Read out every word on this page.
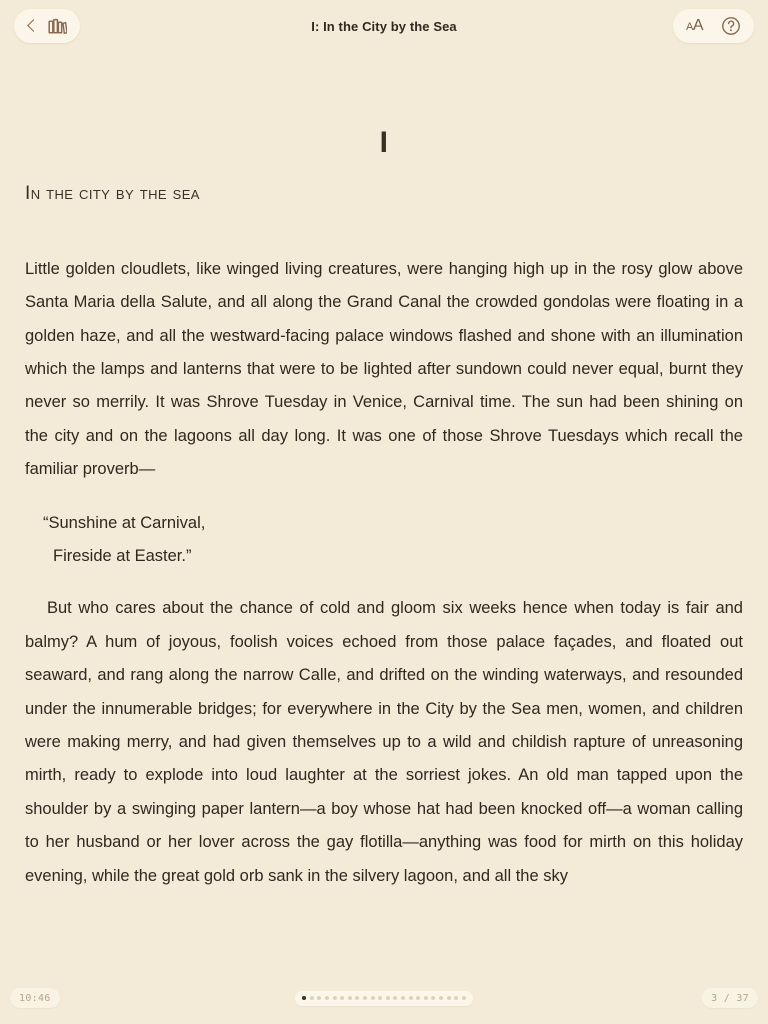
AA
I: In the City by the Sea
I
In the city by the sea

Little golden cloudlets, like winged living creatures, were hanging high up in the rosy glow above Santa Maria della Salute, and all along the Grand Canal the crowded gondolas were floating in a golden haze, and all the westward-facing palace windows flashed and shone with an illumination which the lamps and lanterns that were to be lighted after sundown could never equal, burnt they never so merrily. It was Shrove Tuesday in Venice, Carnival time. The sun had been shining on the city and on the lagoons all day long. It was one of those Shrove Tuesdays which recall the familiar proverb—

“Sunshine at Carnival,
Fireside at Easter.”

But who cares about the chance of cold and gloom six weeks hence when today is fair and balmy? A hum of joyous, foolish voices echoed from those palace façades, and floated out seaward, and rang along the narrow Calle, and drifted on the winding waterways, and resounded under the innumerable bridges; for everywhere in the City by the Sea men, women, and children were making merry, and had given themselves up to a wild and childish rapture of unreasoning mirth, ready to explode into loud laughter at the sorriest jokes. An old man tapped upon the shoulder by a swinging paper lantern—a boy whose hat had been knocked off—a woman calling to her husband or her lover across the gay flotilla—anything was food for mirth on this holiday evening, while the great gold orb sank in the silvery lagoon, and all the sky

10:46	3 / 37
